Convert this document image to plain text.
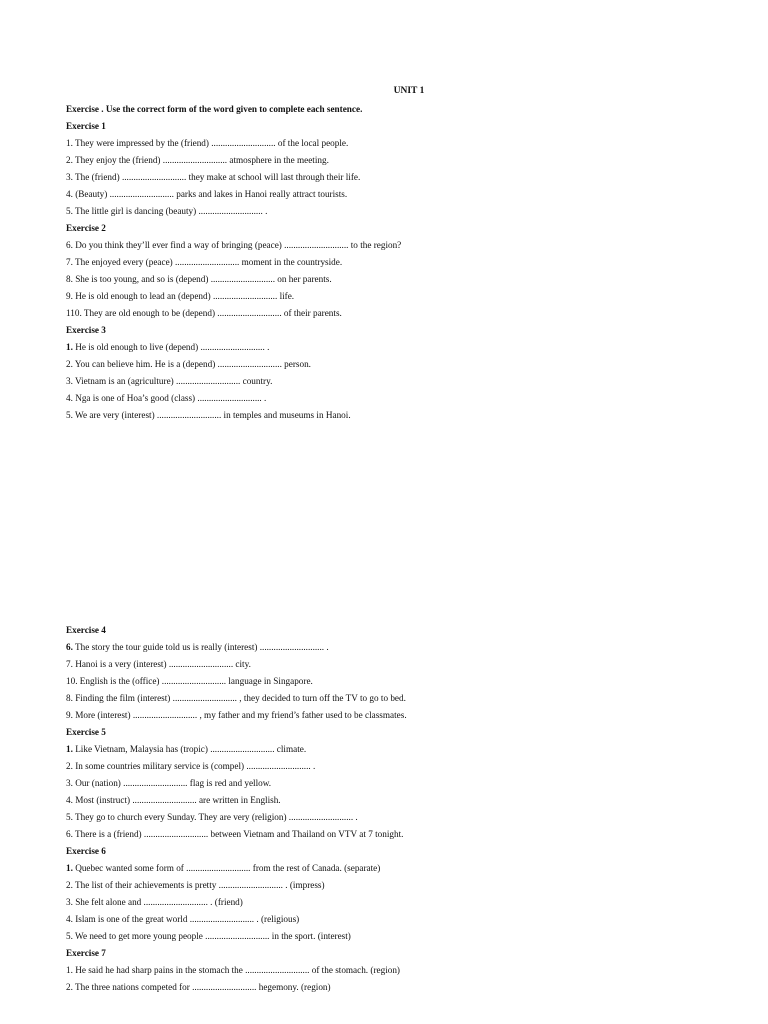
UNIT 1
Exercise . Use the correct form of the word given to complete each sentence.
Exercise 1
1. They were impressed by the (friend) ............................ of the local people.
2. They enjoy the (friend) ............................ atmosphere in the meeting.
3. The (friend) ............................ they make at school will last through their life.
4. (Beauty) ............................ parks and lakes in Hanoi really attract tourists.
5. The little girl is dancing (beauty) ............................ .
Exercise 2
6. Do you think they’ll ever find a way of bringing (peace) ............................ to the region?
7. The enjoyed every (peace) ............................ moment in the countryside.
8. She is too young, and so is (depend) ............................ on her parents.
9. He is old enough to lead an (depend) ............................ life.
110. They are old enough to be (depend) ............................ of their parents.
Exercise 3
1. He is old enough to live (depend) ............................ .
2. You can believe him. He is a (depend) ............................ person.
3. Vietnam is an (agriculture) ............................ country.
4. Nga is one of Hoa’s good (class) ............................ .
5. We are very (interest) ............................ in temples and museums in Hanoi.
Exercise 4
6. The story the tour guide told us is really (interest) ............................ .
7. Hanoi is a very (interest) ............................ city.
10. English is the (office) ............................ language in Singapore.
8. Finding the film (interest) ............................ , they decided to turn off the TV to go to bed.
9. More (interest) ............................ , my father and my friend’s father used to be classmates.
Exercise 5
1. Like Vietnam, Malaysia has (tropic) ............................ climate.
2. In some countries military service is (compel) ............................ .
3. Our (nation) ............................ flag is red and yellow.
4. Most (instruct) ............................ are written in English.
5. They go to church every Sunday. They are very (religion) ............................ .
6. There is a (friend) ............................ between Vietnam and Thailand on VTV at 7 tonight.
Exercise 6
1. Quebec wanted some form of ............................ from the rest of Canada. (separate)
2. The list of their achievements is pretty ............................ . (impress)
3. She felt alone and ............................ . (friend)
4. Islam is one of the great world ............................ . (religious)
5. We need to get more young people ............................ in the sport. (interest)
Exercise 7
1. He said he had sharp pains in the stomach the ............................ of the stomach. (region)
2. The three nations competed for ............................ hegemony. (region)
